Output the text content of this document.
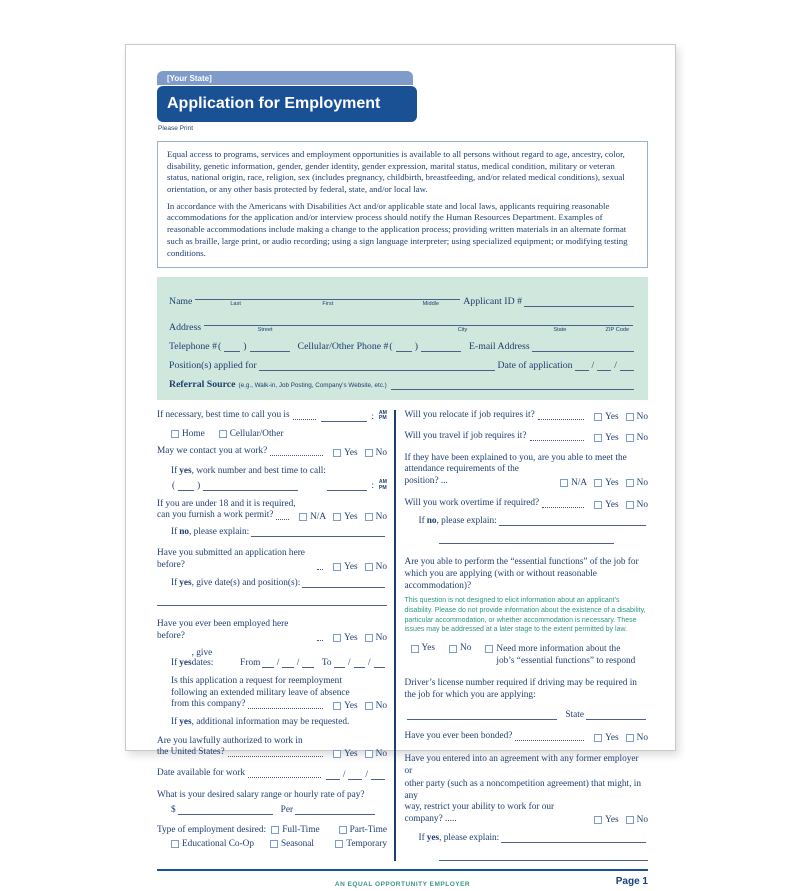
[Your State]
Application for Employment
Please Print

Equal access to programs, services and employment opportunities is available to all persons without regard to age, ancestry, color, disability, genetic information, gender, gender identity, gender expression, marital status, medical condition, military or veteran status, national origin, race, religion, sex (includes pregnancy, childbirth, breastfeeding, and/or related medical conditions), sexual orientation, or any other basis protected by federal, state, and/or local law.

In accordance with the Americans with Disabilities Act and/or applicable state and local laws, applicants requiring reasonable accommodations for the application and/or interview process should notify the Human Resources Department. Examples of reasonable accommodations include making a change to the application process; providing written materials in an alternate format such as braille, large print, or audio recording; using a sign language interpreter; using specialized equipment; or modifying testing conditions.

Name	Last	First	Middle Applicant ID #
Address	Street	City	State	ZIP Code
Telephone # ( )	Cellular/Other Phone # ( )	E-mail Address
Position(s) applied for	Date of application / /
Referral Source (e.g., Walk-in, Job Posting, Company’s Website, etc.)
If necessary, best time to call you is	: AM
PM
Home	Cellular/Other
May we contact you at work?	Yes No
If yes, work number and best time to call:
( )	: AM
PM
If you are under 18 and it is required,
can you furnish a work permit?	N/A Yes No
If no , please explain:
Have you submitted an application here before?	Yes No
If yes , give date(s) and position(s):
Have you ever been employed here before?	Yes No
If yes
, give dates:	From / / To / /
Is this application a request for reemployment
following an extended military leave of absence
from this company?	Yes No
If yes, additional information may be requested.
Are you lawfully authorized to work in
the United States?	Yes No
Date available for work	/ /
What is your desired salary range or hourly rate of pay?
$	Per
Type of employment desired: Full-Time	Part-Time
Educational Co-Op	Seasonal	Temporary
Will you relocate if job requires it?	Yes No
Will you travel if job requires it?	Yes No
If they have been explained to you, are you able to meet the
attendance requirements of the position? ...	N/A Yes No
Will you work overtime if required?	Yes No
If no , please explain:
Are you able to perform the “essential functions” of the job for which you are applying (with or without reasonable accommodation)?
This question is not designed to elicit information about an applicant’s disability. Please do not provide information about the existence of a disability, particular accommodation, or whether accommodation is necessary. These issues may be addressed at a later stage to the extent permitted by law.
Yes	No	Need more information about the
job’s “essential functions” to respond
Driver’s license number required if driving may be required in the job for which you are applying:
State
Have you ever been bonded?	Yes No
Have you entered into an agreement with any former employer or
other party (such as a noncompetition agreement) that might, in any
way, restrict your ability to work for our company? .....	Yes No
If yes , please explain:
AN EQUAL OPPORTUNITY EMPLOYER	Page 1
